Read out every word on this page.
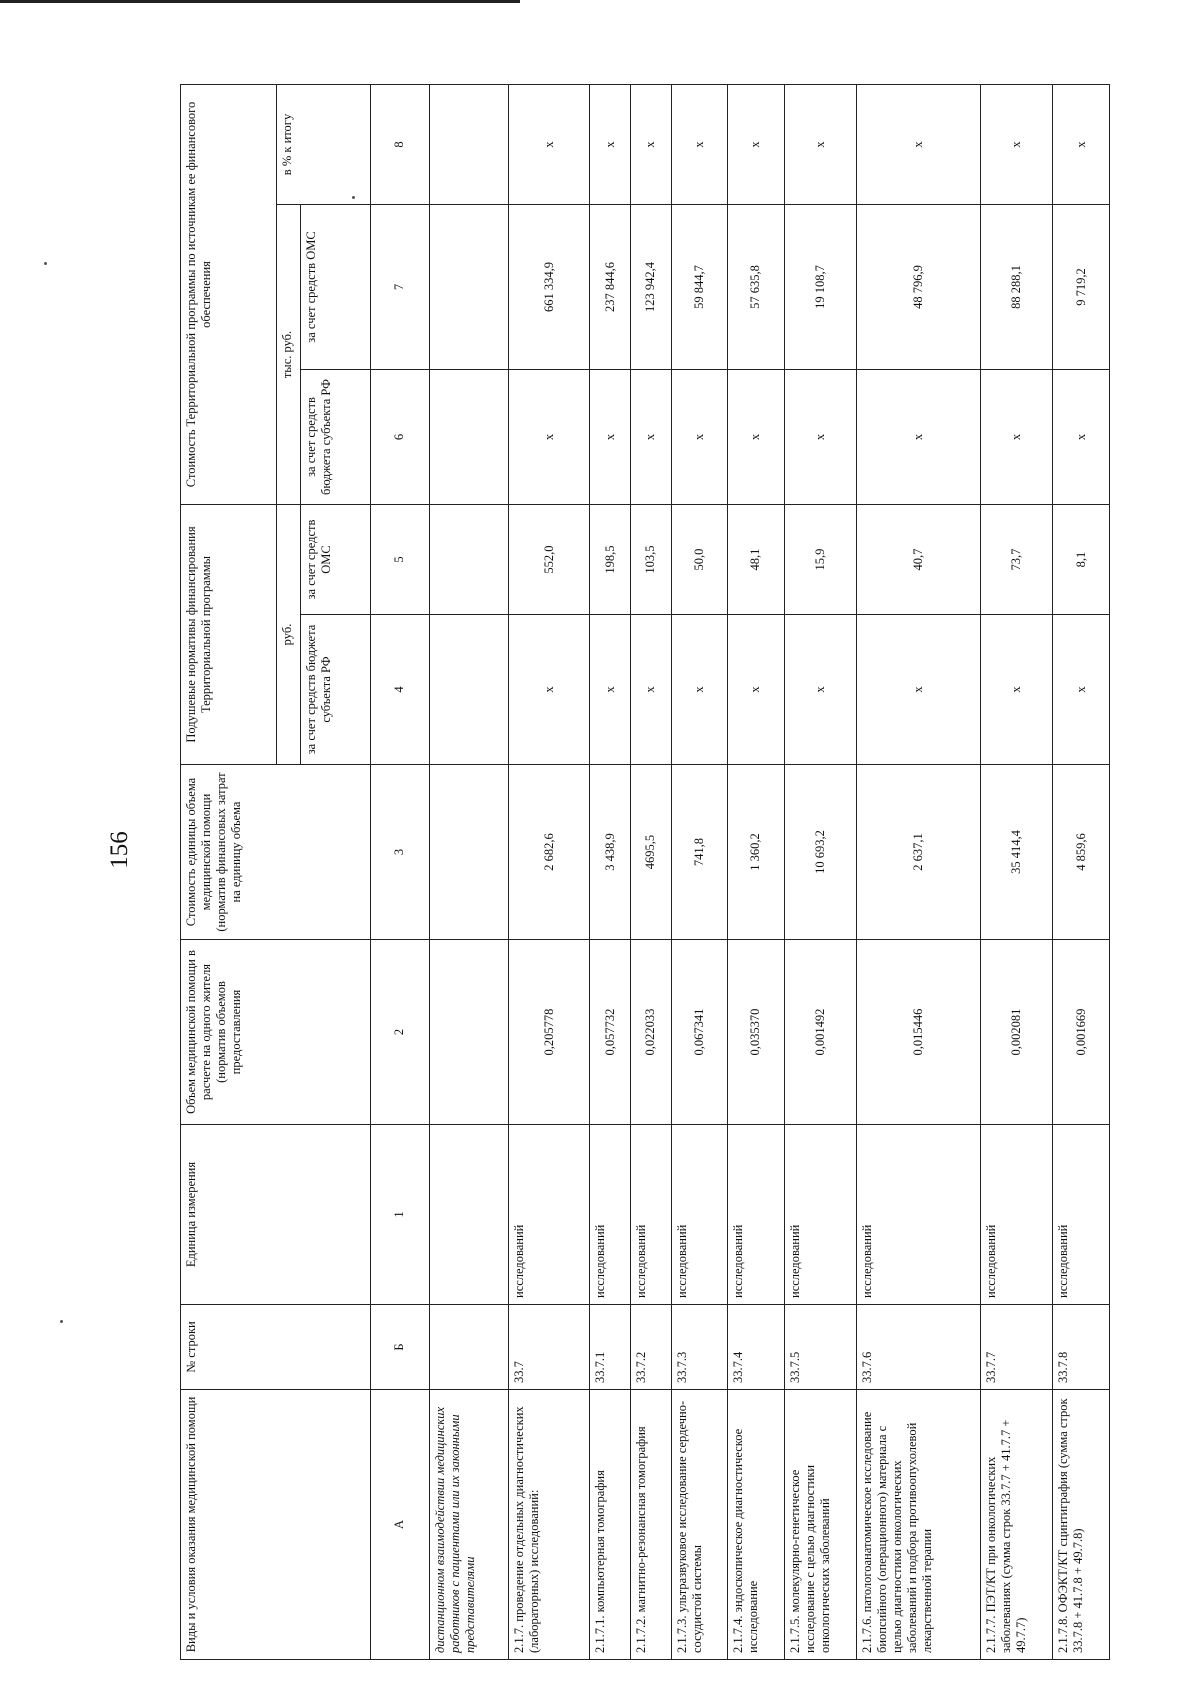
156
Виды и условия оказания медицинской помощи	№ строки	Единица измерения	Объем медицинской помощи в расчете на одного жителя (норматив объемов предоставления	Стоимость единицы объема медицинской помощи (норматив финансовых затрат на единицу объема	Подушевые нормативы финансирования Территориальной программы		Стоимость Территориальной программы по источникам ее финансового обеспечения		
					руб.		тыс. руб.		в % к итогу
					за счет средств бюджета субъекта РФ	за счет средств ОМС	за счет средств бюджета субъекта РФ	за счет средств ОМС	
А	Б	1	2	3	4	5	6	7	8
дистанционном взаимодействии медицинских работников с пациентами или их законными представителями									
2.1.7. проведение отдельных диагностических (лабораторных) исследований:	33.7	исследований	0,205778	2 682,6	х	552,0	х	661 334,9	х
2.1.7.1. компьютерная томография	33.7.1	исследований	0,057732	3 438,9	х	198,5	х	237 844,6	х
2.1.7.2. магнитно-резонансная томография	33.7.2	исследований	0,022033	4695,5	х	103,5	х	123 942,4	х
2.1.7.3. ультразвуковое исследование сердечно-сосудистой системы	33.7.3	исследований	0,067341	741,8	х	50,0	х	59 844,7	х
2.1.7.4. эндоскопическое диагностическое исследование	33.7.4	исследований	0,035370	1 360,2	х	48,1	х	57 635,8	х
2.1.7.5. молекулярно-генетическое исследование с целью диагностики онкологических заболеваний	33.7.5	исследований	0,001492	10 693,2	х	15,9	х	19 108,7	х
2.1.7.6. патологоанатомическое исследование биопсийного (операционного) материала с целью диагностики онкологических заболеваний и подбора противоопухолевой лекарственной терапии	33.7.6	исследований	0,015446	2 637,1	х	40,7	х	48 796,9	х
2.1.7.7. ПЭТ/КТ при онкологических заболеваниях (сумма строк 33.7.7 + 41.7.7 + 49.7.7)	33.7.7	исследований	0,002081	35 414,4	х	73,7	х	88 288,1	х
2.1.7.8. ОФЭКТ/КТ сцинтиграфия (сумма строк 33.7.8 + 41.7.8 + 49.7.8)	33.7.8	исследований	0,001669	4 859,6	х	8,1	х	9 719,2	х
